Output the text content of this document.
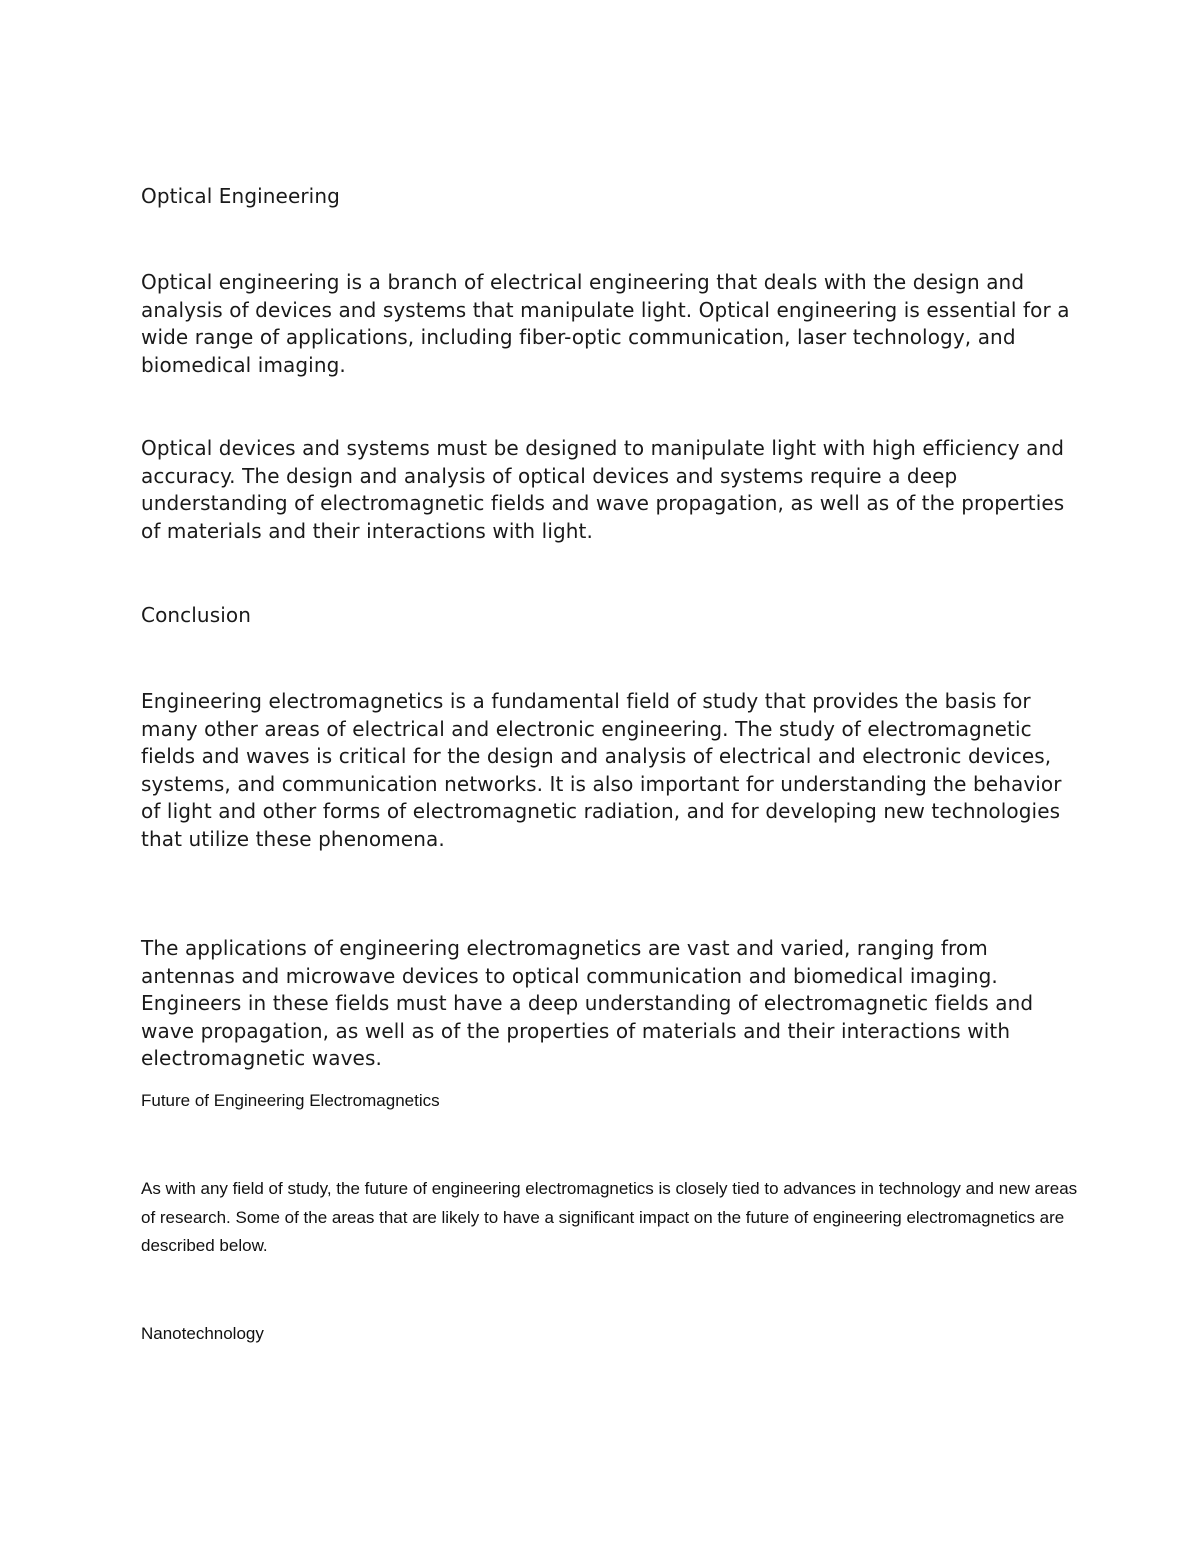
Optical Engineering

Optical engineering is a branch of electrical engineering that deals with the design and analysis of devices and systems that manipulate light. Optical engineering is essential for a wide range of applications, including fiber-optic communication, laser technology, and biomedical imaging.

Optical devices and systems must be designed to manipulate light with high efficiency and accuracy. The design and analysis of optical devices and systems require a deep understanding of electromagnetic fields and wave propagation, as well as of the properties of materials and their interactions with light.

Conclusion

Engineering electromagnetics is a fundamental field of study that provides the basis for many other areas of electrical and electronic engineering. The study of electromagnetic fields and waves is critical for the design and analysis of electrical and electronic devices, systems, and communication networks. It is also important for understanding the behavior of light and other forms of electromagnetic radiation, and for developing new technologies that utilize these phenomena.

The applications of engineering electromagnetics are vast and varied, ranging from antennas and microwave devices to optical communication and biomedical imaging. Engineers in these fields must have a deep understanding of electromagnetic fields and wave propagation, as well as of the properties of materials and their interactions with electromagnetic waves.

Future of Engineering Electromagnetics

As with any field of study, the future of engineering electromagnetics is closely tied to advances in technology and new areas of research. Some of the areas that are likely to have a significant impact on the future of engineering electromagnetics are described below.

Nanotechnology
